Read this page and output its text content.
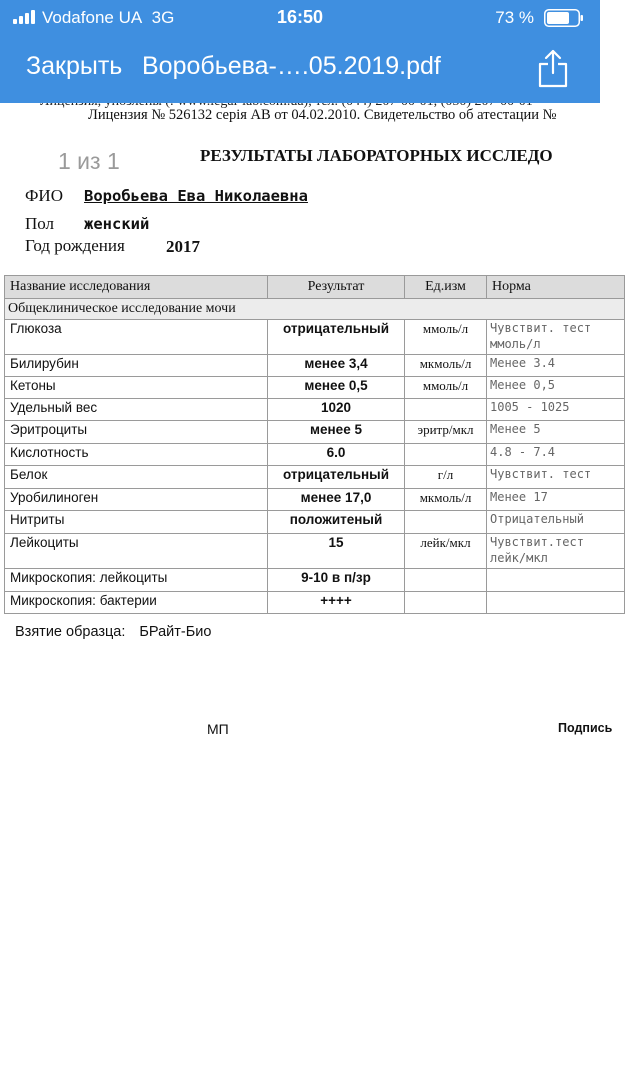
Vodafone UA 3G	16:50	73 %
Закрыть Воробьева-….05.2019.pdf
Лицензия № 526132 серія АВ от 04.02.2010. Свидетельство об атестации №
1 из 1	РЕЗУЛЬТАТЫ ЛАБОРАТОРНЫХ ИССЛЕДО
ФИО Воробьева Ева Николаевна
Пол женский
Год рождения 2017
Название исследования	Результат	Ед.изм	Норма
Общеклиническое исследование мочи			
Глюкоза	отрицательный	ммоль/л	Чувствит. тест ммоль/л
Билирубин	менее 3,4	мкмоль/л	Менее 3.4
Кетоны	менее 0,5	ммоль/л	Менее 0,5
Удельный вес	1020		1005 - 1025
Эритроциты	менее 5	эритр/мкл	Менее 5
Кислотность	6.0		4.8 - 7.4
Белок	отрицательный	г/л	Чувствит. тест
Уробилиноген	менее 17,0	мкмоль/л	Менее 17
Нитриты	положитеный		Отрицательный
Лейкоциты	15	лейк/мкл	Чувствит.тест лейк/мкл
Микроскопия: лейкоциты	9-10 в п/зр		
Микроскопия: бактерии	++++		
Взятие образца: БРайт-Био
МП	Подпись
